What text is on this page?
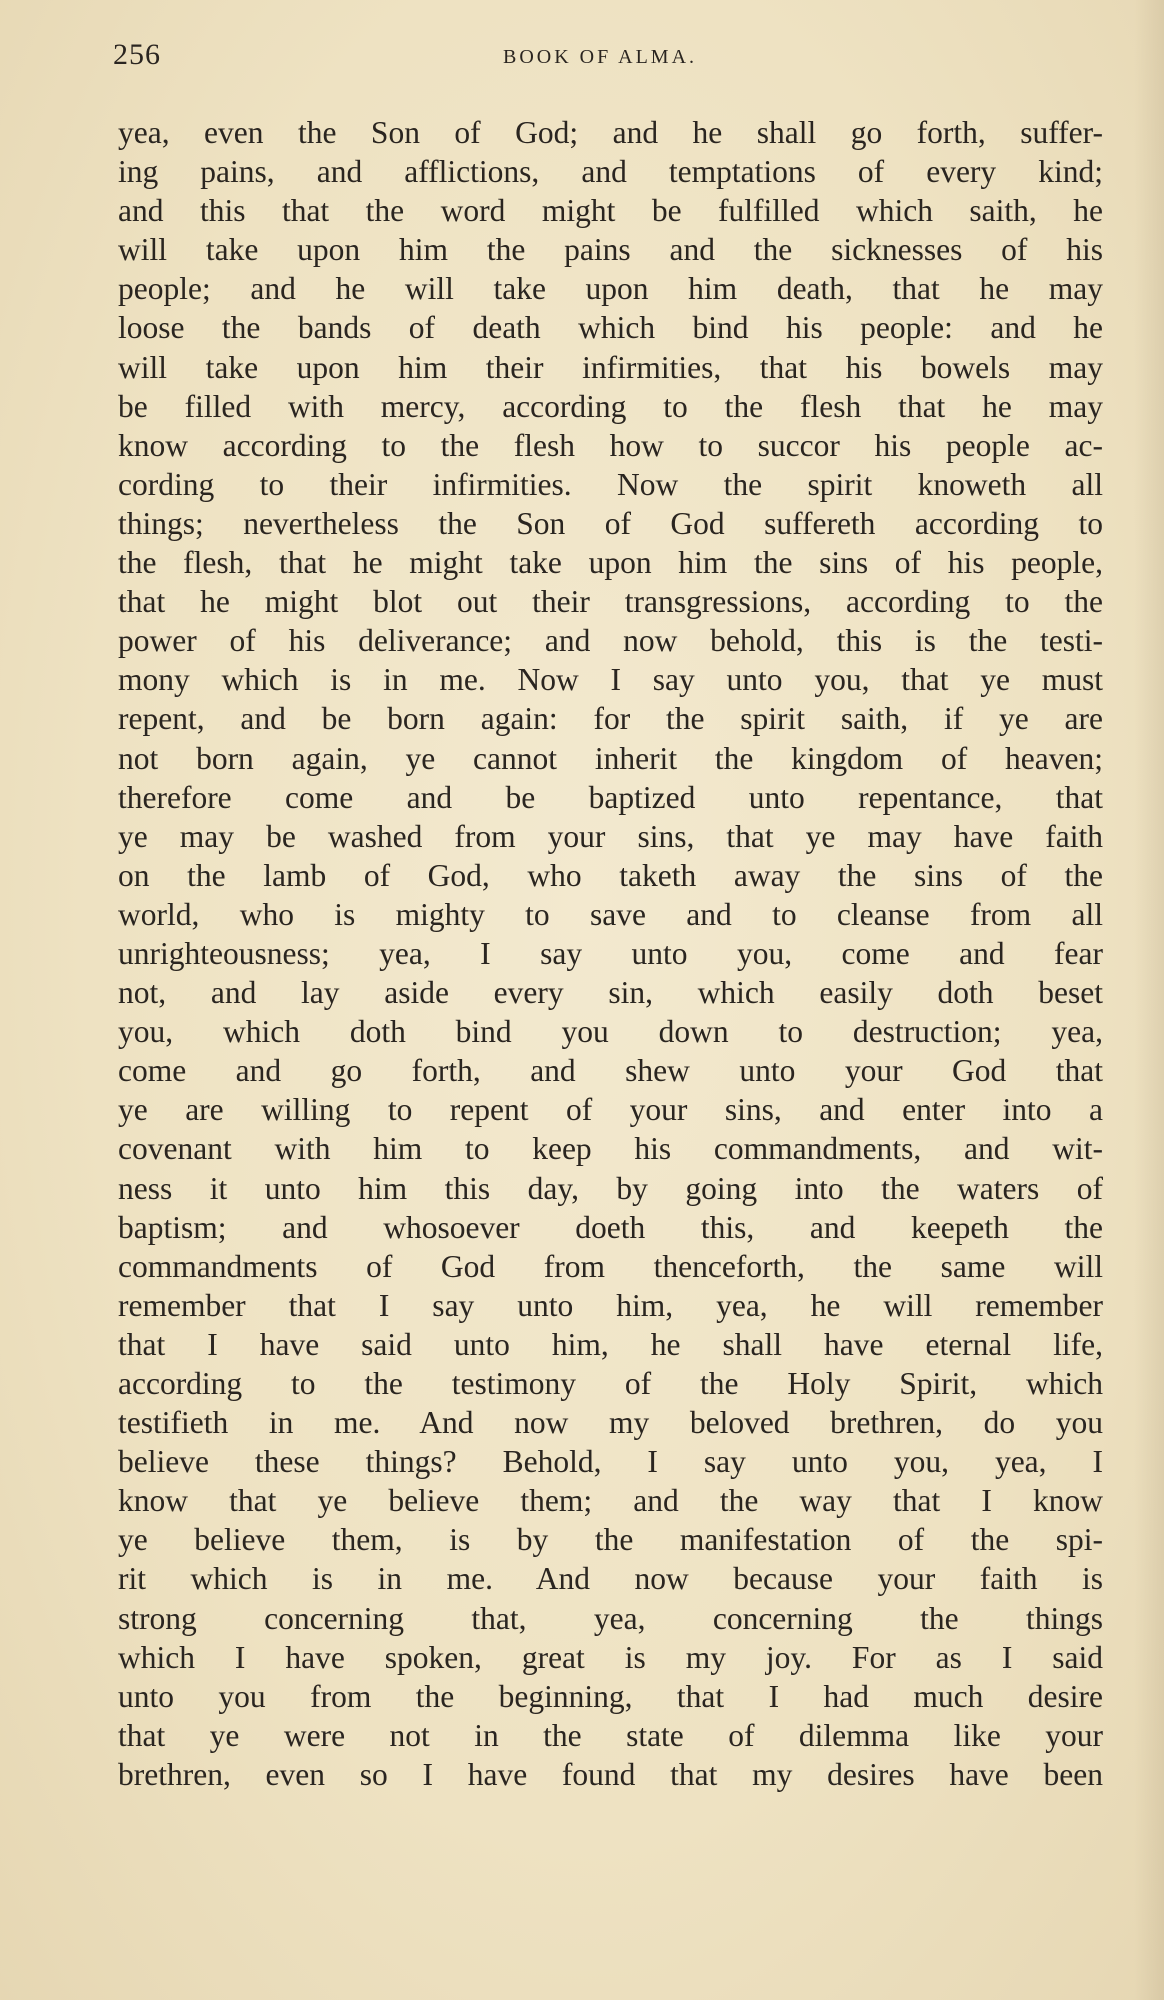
256	BOOK OF ALMA.
yea, even the Son of God; and he shall go forth, suffer-
ing pains, and afflictions, and temptations of every kind;
and this that the word might be fulfilled which saith, he
will take upon him the pains and the sicknesses of his
people; and he will take upon him death, that he may
loose the bands of death which bind his people: and he
will take upon him their infirmities, that his bowels may
be filled with mercy, according to the flesh that he may
know according to the flesh how to succor his people ac-
cording to their infirmities. Now the spirit knoweth all
things; nevertheless the Son of God suffereth according to
the flesh, that he might take upon him the sins of his people,
that he might blot out their transgressions, according to the
power of his deliverance; and now behold, this is the testi-
mony which is in me. Now I say unto you, that ye must
repent, and be born again: for the spirit saith, if ye are
not born again, ye cannot inherit the kingdom of heaven;
therefore come and be baptized unto repentance, that
ye may be washed from your sins, that ye may have faith
on the lamb of God, who taketh away the sins of the
world, who is mighty to save and to cleanse from all
unrighteousness; yea, I say unto you, come and fear
not, and lay aside every sin, which easily doth beset
you, which doth bind you down to destruction; yea,
come and go forth, and shew unto your God that
ye are willing to repent of your sins, and enter into a
covenant with him to keep his commandments, and wit-
ness it unto him this day, by going into the waters of
baptism; and whosoever doeth this, and keepeth the
commandments of God from thenceforth, the same will
remember that I say unto him, yea, he will remember
that I have said unto him, he shall have eternal life,
according to the testimony of the Holy Spirit, which
testifieth in me. And now my beloved brethren, do you
believe these things? Behold, I say unto you, yea, I
know that ye believe them; and the way that I know
ye believe them, is by the manifestation of the spi-
rit which is in me. And now because your faith is
strong concerning that, yea, concerning the things
which I have spoken, great is my joy. For as I said
unto you from the beginning, that I had much desire
that ye were not in the state of dilemma like your
brethren, even so I have found that my desires have been
